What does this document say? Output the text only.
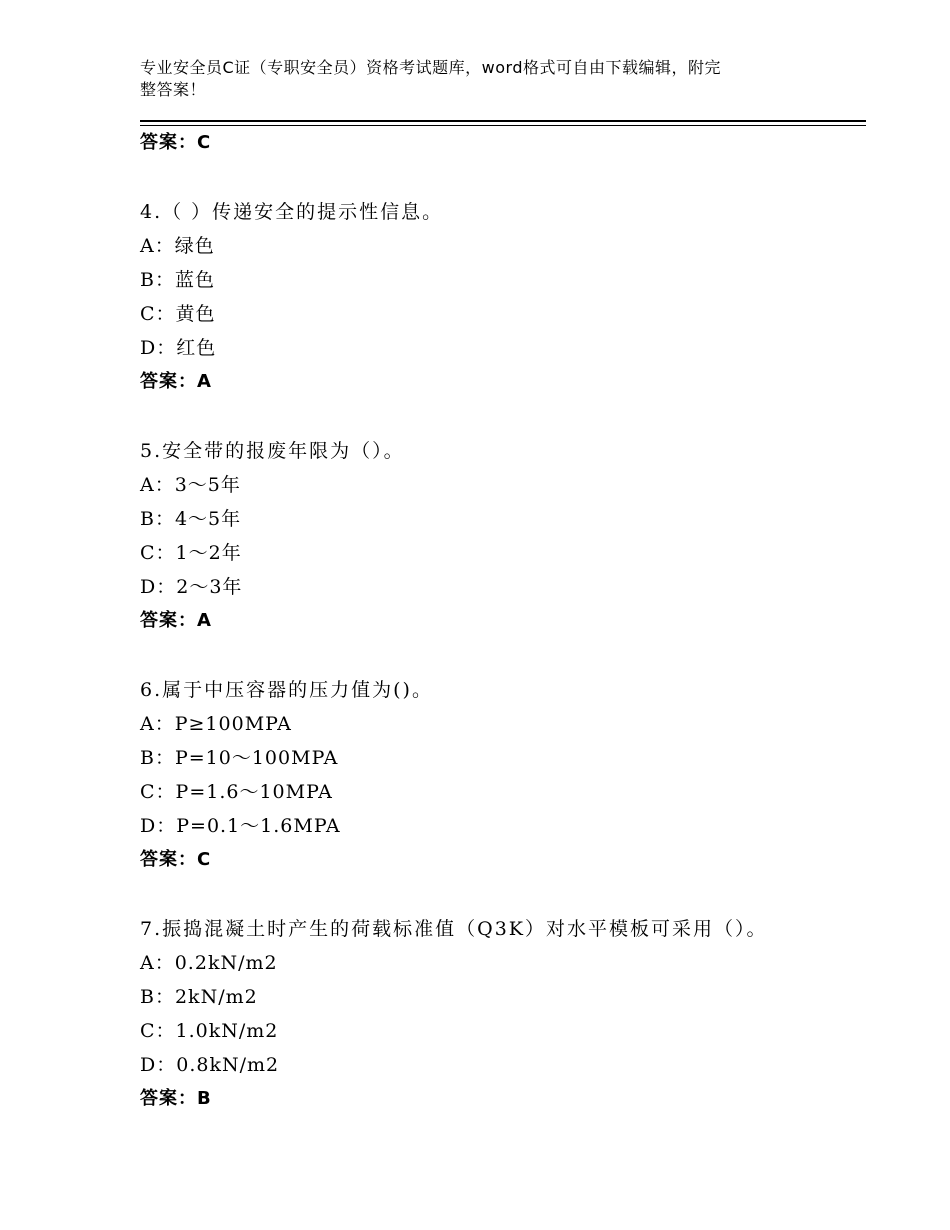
专业安全员C证（专职安全员）资格考试题库，word格式可自由下载编辑，附完
整答案！
答案：C
4.（ ）传递安全的提示性信息。
A：绿色
B：蓝色
C：黄色
D：红色
答案：A
5.安全带的报废年限为（）。
A：3～5年
B：4～5年
C：1～2年
D：2～3年
答案：A
6.属于中压容器的压力值为()。
A：P≥100MPA
B：P=10～100MPA
C：P=1.6～10MPA
D：P=0.1～1.6MPA
答案：C
7.振捣混凝土时产生的荷载标准值（Q3K）对水平模板可采用（）。
A：0.2kN/m2
B：2kN/m2
C：1.0kN/m2
D：0.8kN/m2
答案：B
